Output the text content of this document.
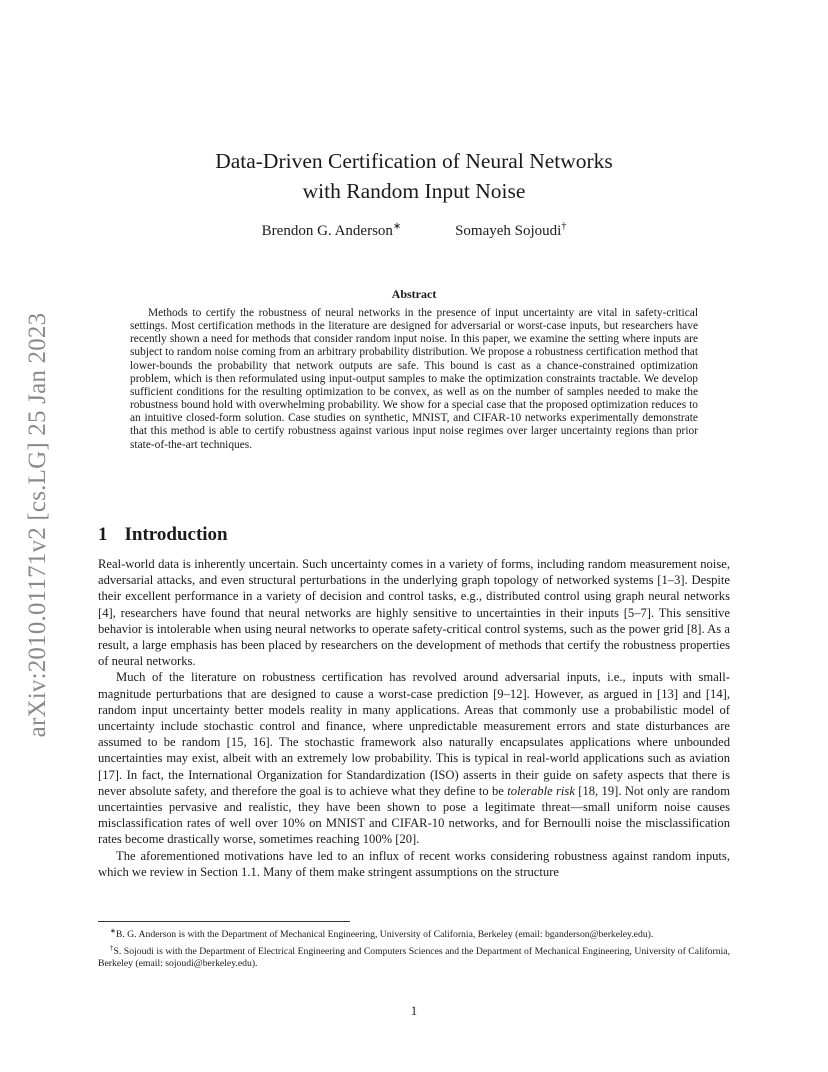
arXiv:2010.01171v2 [cs.LG] 25 Jan 2023
Data-Driven Certification of Neural Networks
with Random Input Noise
Brendon G. Anderson∗	Somayeh Sojoudi†
Abstract

Methods to certify the robustness of neural networks in the presence of input uncertainty are vital in safety-critical settings. Most certification methods in the literature are designed for adversarial or worst-case inputs, but researchers have recently shown a need for methods that consider random input noise. In this paper, we examine the setting where inputs are subject to random noise coming from an arbitrary probability distribution. We propose a robustness certification method that lower-bounds the probability that network outputs are safe. This bound is cast as a chance-constrained optimization problem, which is then reformulated using input-output samples to make the optimization constraints tractable. We develop sufficient conditions for the resulting optimization to be convex, as well as on the number of samples needed to make the robustness bound hold with overwhelming probability. We show for a special case that the proposed optimization reduces to an intuitive closed-form solution. Case studies on synthetic, MNIST, and CIFAR-10 networks experimentally demonstrate that this method is able to certify robustness against various input noise regimes over larger uncertainty regions than prior state-of-the-art techniques.

1 Introduction

Real-world data is inherently uncertain. Such uncertainty comes in a variety of forms, including random measurement noise, adversarial attacks, and even structural perturbations in the underlying graph topology of networked systems [1–3]. Despite their excellent performance in a variety of decision and control tasks, e.g., distributed control using graph neural networks [4], researchers have found that neural networks are highly sensitive to uncertainties in their inputs [5–7]. This sensitive behavior is intolerable when using neural networks to operate safety-critical control systems, such as the power grid [8]. As a result, a large emphasis has been placed by researchers on the development of methods that certify the robustness properties of neural networks.

Much of the literature on robustness certification has revolved around adversarial inputs, i.e., inputs with small-magnitude perturbations that are designed to cause a worst-case prediction [9–12]. However, as argued in [13] and [14], random input uncertainty better models reality in many applications. Areas that commonly use a probabilistic model of uncertainty include stochastic control and finance, where unpredictable measurement errors and state disturbances are assumed to be random [15, 16]. The stochastic framework also naturally encapsulates applications where unbounded uncertainties may exist, albeit with an extremely low probability. This is typical in real-world applications such as aviation [17]. In fact, the International Organization for Standardization (ISO) asserts in their guide on safety aspects that there is never absolute safety, and therefore the goal is to achieve what they define to be tolerable risk [18, 19]. Not only are random uncertainties pervasive and realistic, they have been shown to pose a legitimate threat—small uniform noise causes misclassification rates of well over 10% on MNIST and CIFAR-10 networks, and for Bernoulli noise the misclassification rates become drastically worse, sometimes reaching 100% [20].

The aforementioned motivations have led to an influx of recent works considering robustness against random inputs, which we review in Section 1.1. Many of them make stringent assumptions on the structure

∗B. G. Anderson is with the Department of Mechanical Engineering, University of California, Berkeley (email: bganderson@berkeley.edu).

†S. Sojoudi is with the Department of Electrical Engineering and Computers Sciences and the Department of Mechanical Engineering, University of California, Berkeley (email: sojoudi@berkeley.edu).

1
